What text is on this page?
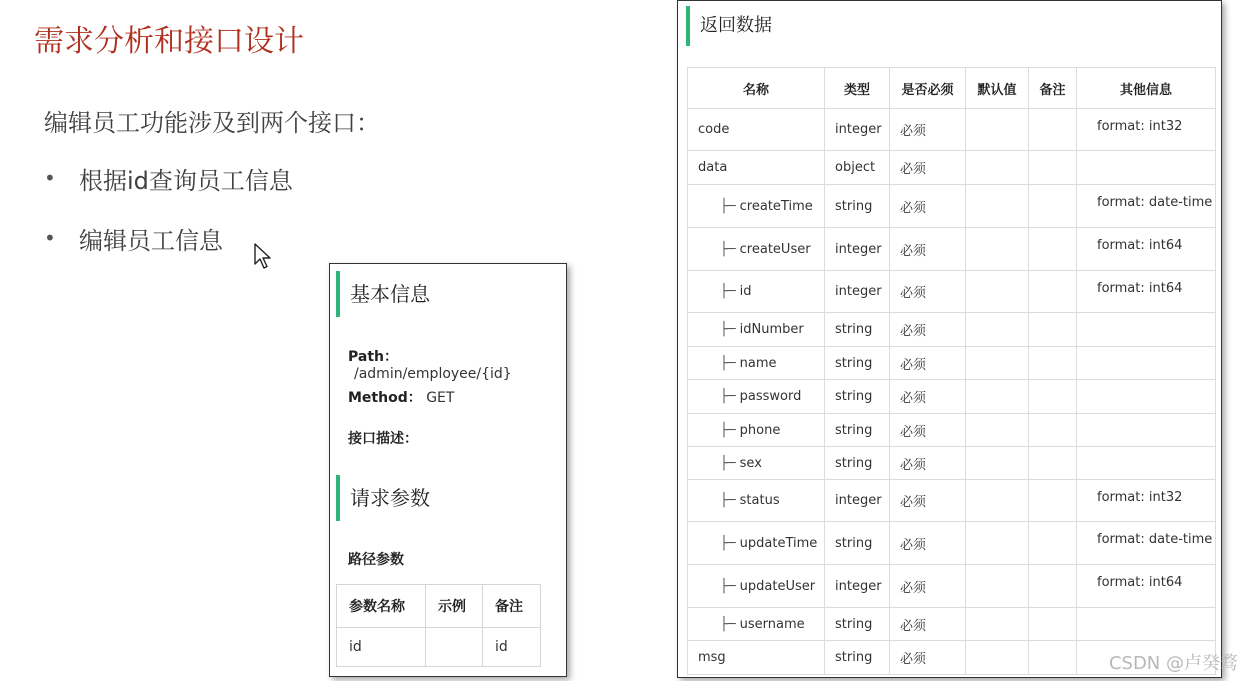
需求分析和接口设计
编辑员工功能涉及到两个接口：
• 根据id查询员工信息
• 编辑员工信息
基本信息
Path： /admin/employee/{id}
Method： GET
接口描述：
请求参数
路径参数
参数名称	示例	备注
id		id
返回数据
名称	类型	是否必须	默认值	备注	其他信息
code	integer	必须			format: int32
data	object	必须			
├─ createTime	string	必须			format: date-time
├─ createUser	integer	必须			format: int64
├─ id	integer	必须			format: int64
├─ idNumber	string	必须			
├─ name	string	必须			
├─ password	string	必须			
├─ phone	string	必须			
├─ sex	string	必须			
├─ status	integer	必须			format: int32
├─ updateTime	string	必须			format: date-time
├─ updateUser	integer	必须			format: int64
├─ username	string	必须			
msg	string	必须				CSDN @卢癸骛
